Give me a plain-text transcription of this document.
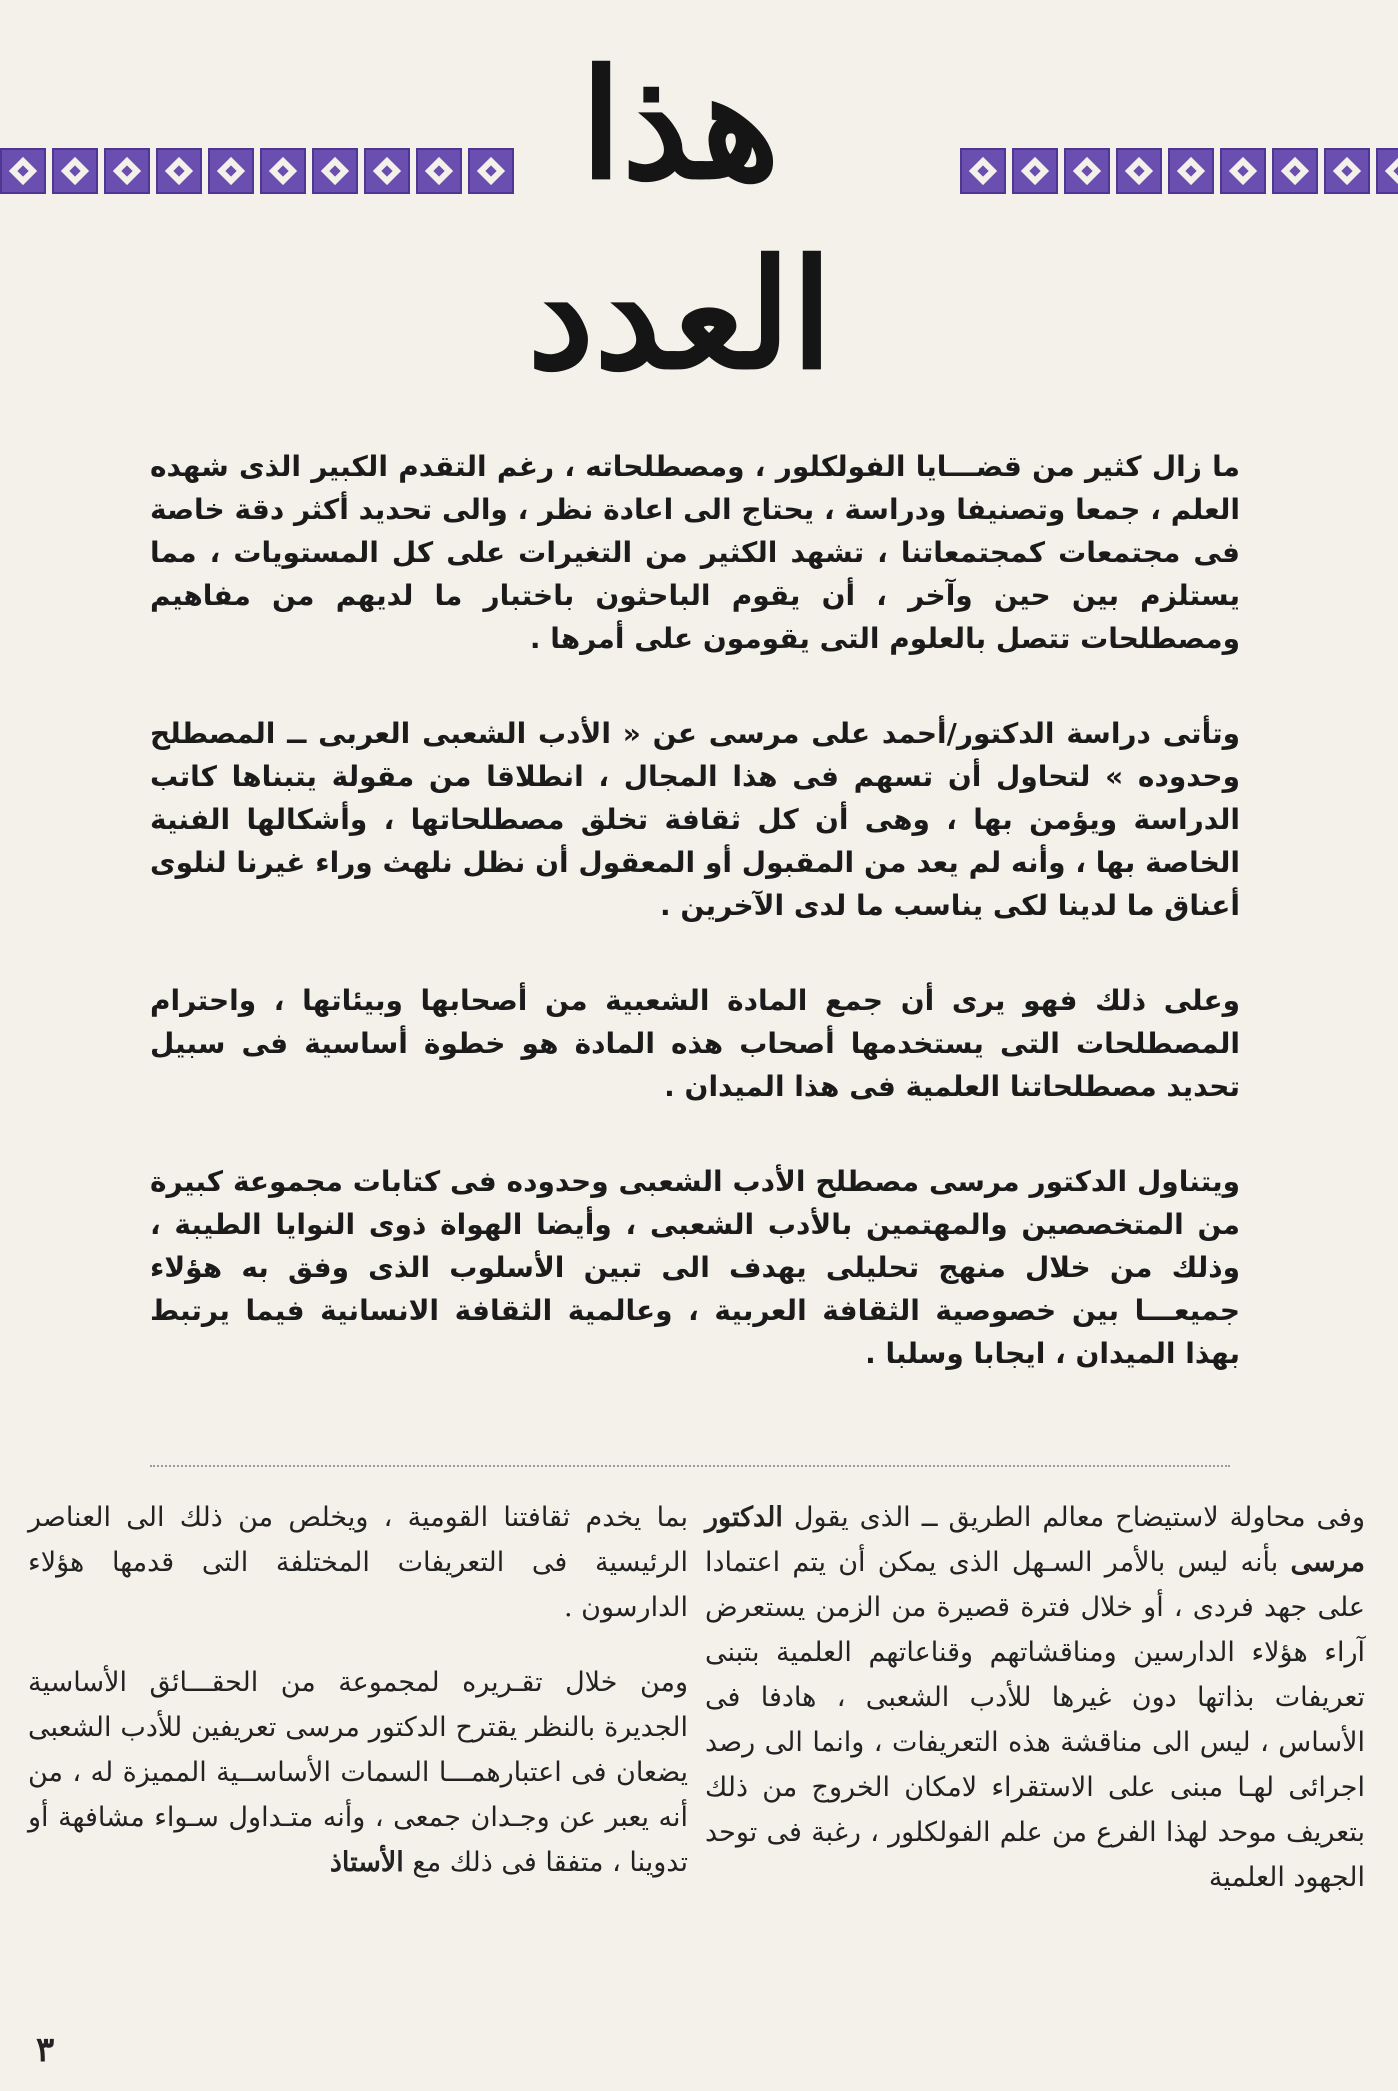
هذا العدد

ما زال كثير من قضـــايا الفولكلور ، ومصطلحاته ، رغم التقدم الكبير الذى شهده العلم ، جمعا وتصنيفا ودراسة ، يحتاج الى اعادة نظر ، والى تحديد أكثر دقة خاصة فى مجتمعات كمجتمعاتنا ، تشهد الكثير من التغيرات على كل المستويات ، مما يستلزم بين حين وآخر ، أن يقوم الباحثون باختبار ما لديهم من مفاهيم ومصطلحات تتصل بالعلوم التى يقومون على أمرها .

وتأتى دراسة الدكتور/أحمد على مرسى عن « الأدب الشعبى العربى ــ المصطلح وحدوده » لتحاول أن تسهم فى هذا المجال ، انطلاقا من مقولة يتبناها كاتب الدراسة ويؤمن بها ، وهى أن كل ثقافة تخلق مصطلحاتها ، وأشكالها الفنية الخاصة بها ، وأنه لم يعد من المقبول أو المعقول أن نظل نلهث وراء غيرنا لنلوى أعناق ما لدينا لكى يناسب ما لدى الآخرين .

وعلى ذلك فهو يرى أن جمع المادة الشعبية من أصحابها وبيئاتها ، واحترام المصطلحات التى يستخدمها أصحاب هذه المادة هو خطوة أساسية فى سبيل تحديد مصطلحاتنا العلمية فى هذا الميدان .

ويتناول الدكتور مرسى مصطلح الأدب الشعبى وحدوده فى كتابات مجموعة كبيرة من المتخصصين والمهتمين بالأدب الشعبى ، وأيضا الهواة ذوى النوايا الطيبة ، وذلك من خلال منهج تحليلى يهدف الى تبين الأسلوب الذى وفق به هؤلاء جميعـــا بين خصوصية الثقافة العربية ، وعالمية الثقافة الانسانية فيما يرتبط بهذا الميدان ، ايجابا وسلبا .

وفى محاولة لاستيضاح معالم الطريق ــ الذى يقول الدكتور مرسى بأنه ليس بالأمر السـهل الذى يمكن أن يتم اعتمادا على جهد فردى ، أو خلال فترة قصيرة من الزمن يستعرض آراء هؤلاء الدارسين ومناقشاتهم وقناعاتهم العلمية بتبنى تعريفات بذاتها دون غيرها للأدب الشعبى ، هادفا فى الأساس ، ليس الى مناقشة هذه التعريفات ، وانما الى رصد اجرائى لهـا مبنى على الاستقراء لامكان الخروج من ذلك بتعريف موحد لهذا الفرع من علم الفولكلور ، رغبة فى توحد الجهود العلمية

بما يخدم ثقافتنا القومية ، ويخلص من ذلك الى العناصر الرئيسية فى التعريفات المختلفة التى قدمها هؤلاء الدارسون .

ومن خلال تقـريره لمجموعة من الحقـــائق الأساسية الجديرة بالنظر يقترح الدكتور مرسى تعريفين للأدب الشعبى يضعان فى اعتبارهمـــا السمات الأساســية المميزة له ، من أنه يعبر عن وجـدان جمعى ، وأنه متـداول سـواء مشافهة أو تدوينا ، متفقا فى ذلك مع الأستاذ

٣
